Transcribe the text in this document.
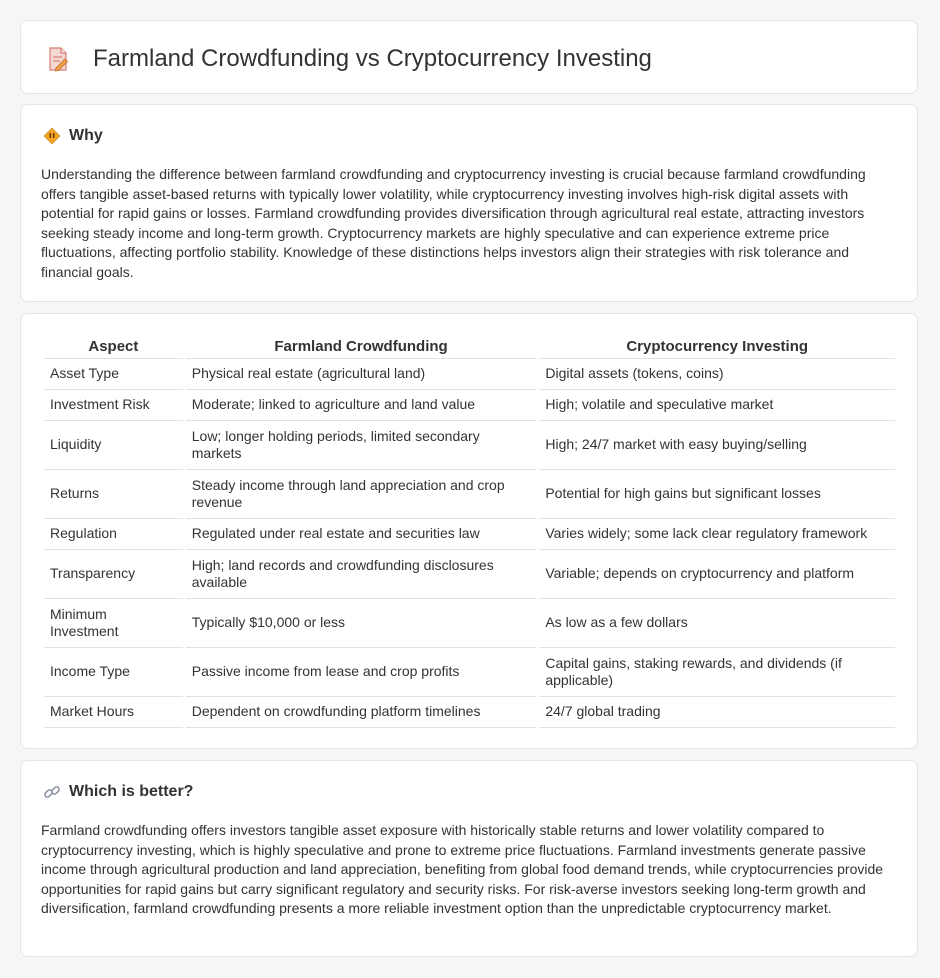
Farmland Crowdfunding vs Cryptocurrency Investing
Why

Understanding the difference between farmland crowdfunding and cryptocurrency investing is crucial because farmland crowdfunding offers tangible asset-based returns with typically lower volatility, while cryptocurrency investing involves high-risk digital assets with potential for rapid gains or losses. Farmland crowdfunding provides diversification through agricultural real estate, attracting investors seeking steady income and long-term growth. Cryptocurrency markets are highly speculative and can experience extreme price fluctuations, affecting portfolio stability. Knowledge of these distinctions helps investors align their strategies with risk tolerance and financial goals.

Aspect	Farmland Crowdfunding	Cryptocurrency Investing
Asset Type	Physical real estate (agricultural land)	Digital assets (tokens, coins)
Investment Risk	Moderate; linked to agriculture and land value	High; volatile and speculative market
Liquidity	Low; longer holding periods, limited secondary markets	High; 24/7 market with easy buying/selling
Returns	Steady income through land appreciation and crop revenue	Potential for high gains but significant losses
Regulation	Regulated under real estate and securities law	Varies widely; some lack clear regulatory framework
Transparency	High; land records and crowdfunding disclosures available	Variable; depends on cryptocurrency and platform
Minimum Investment	Typically $10,000 or less	As low as a few dollars
Income Type	Passive income from lease and crop profits	Capital gains, staking rewards, and dividends (if applicable)
Market Hours	Dependent on crowdfunding platform timelines	24/7 global trading
Which is better?

Farmland crowdfunding offers investors tangible asset exposure with historically stable returns and lower volatility compared to cryptocurrency investing, which is highly speculative and prone to extreme price fluctuations. Farmland investments generate passive income through agricultural production and land appreciation, benefiting from global food demand trends, while cryptocurrencies provide opportunities for rapid gains but carry significant regulatory and security risks. For risk-averse investors seeking long-term growth and diversification, farmland crowdfunding presents a more reliable investment option than the unpredictable cryptocurrency market.
